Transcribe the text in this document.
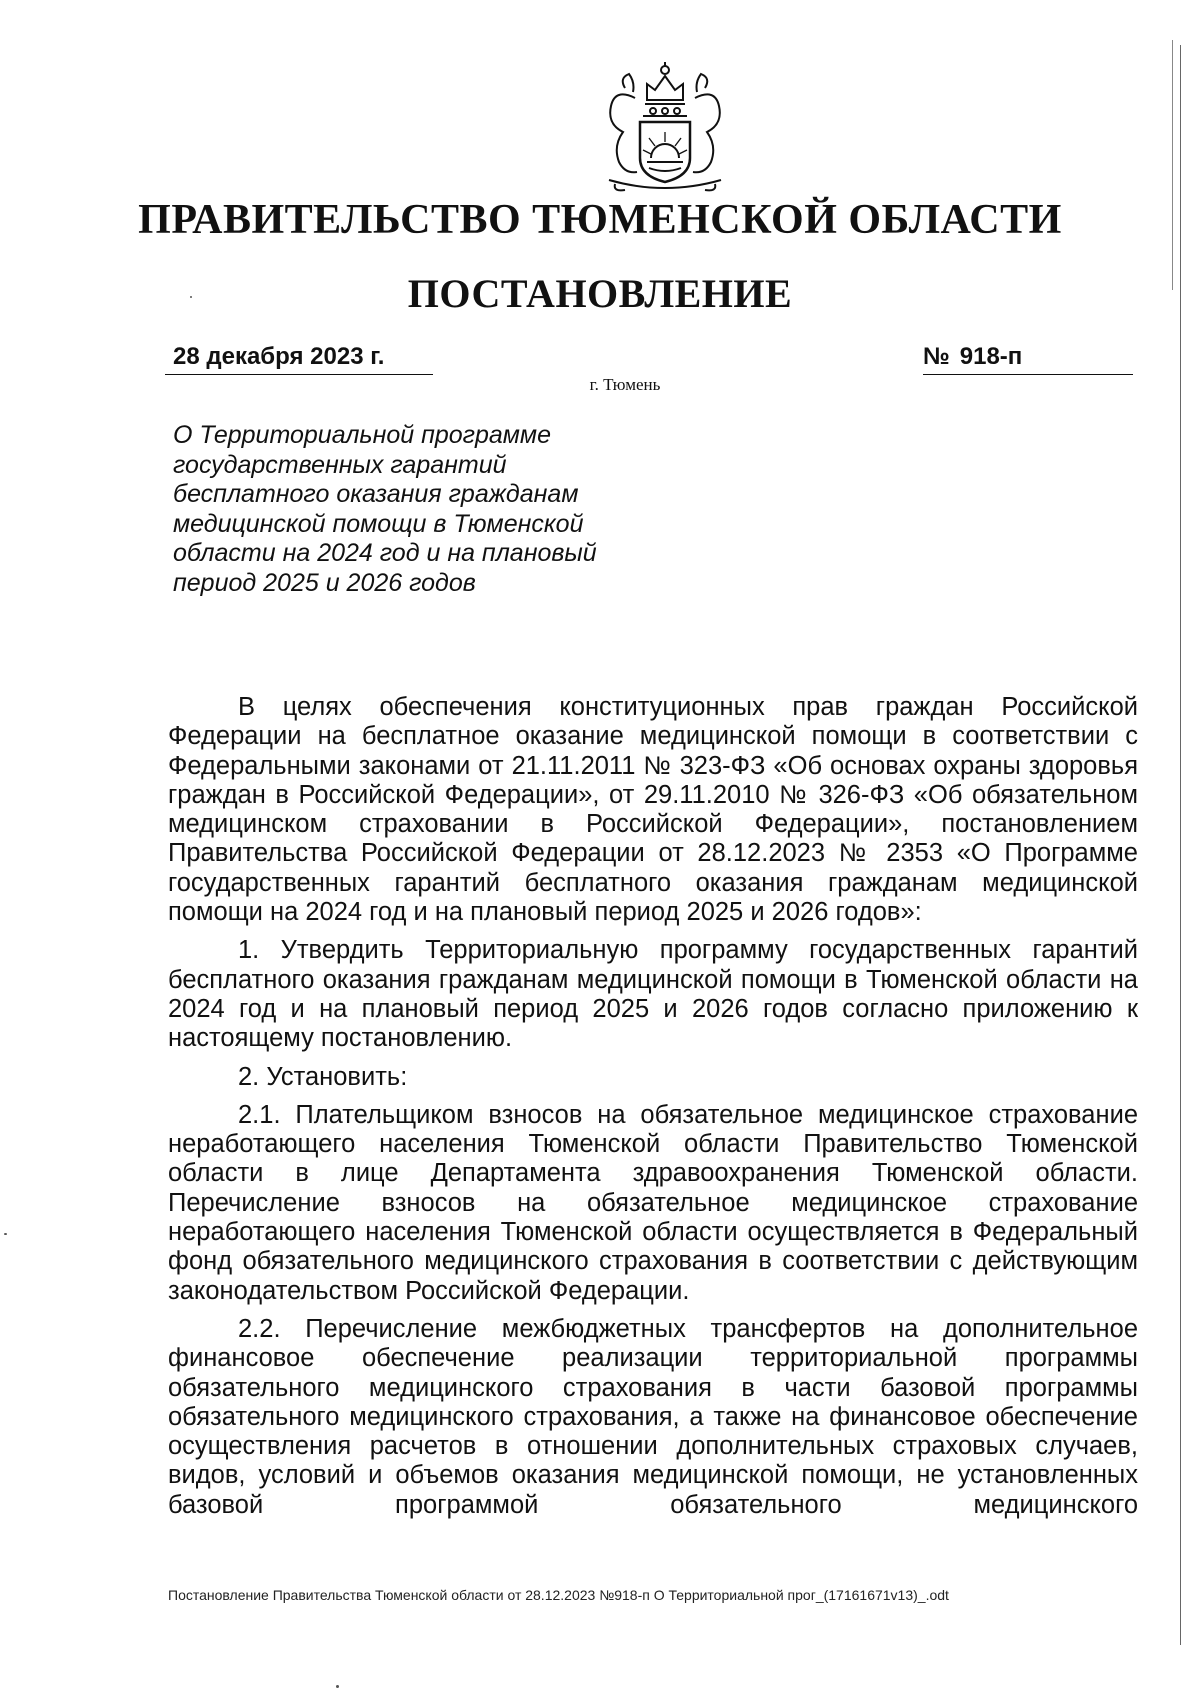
ПРАВИТЕЛЬСТВО ТЮМЕНСКОЙ ОБЛАСТИ
ПОСТАНОВЛЕНИЕ
28 декабря 2023 г.	№ 918-п
г. Тюмень
О Территориальной программе
государственных гарантий
бесплатного оказания гражданам
медицинской помощи в Тюменской
области на 2024 год и на плановый
период 2025 и 2026 годов

В целях обеспечения конституционных прав граждан Российской Федерации на бесплатное оказание медицинской помощи в соответствии с Федеральными законами от 21.11.2011 № 323-ФЗ «Об основах охраны здоровья граждан в Российской Федерации», от 29.11.2010 № 326-ФЗ «Об обязательном медицинском страховании в Российской Федерации», постановлением Правительства Российской Федерации от 28.12.2023 № 2353 «О Программе государственных гарантий бесплатного оказания гражданам медицинской помощи на 2024 год и на плановый период 2025 и 2026 годов»:

1. Утвердить Территориальную программу государственных гарантий бесплатного оказания гражданам медицинской помощи в Тюменской области на 2024 год и на плановый период 2025 и 2026 годов согласно приложению к настоящему постановлению.

2. Установить:

2.1. Плательщиком взносов на обязательное медицинское страхование неработающего населения Тюменской области Правительство Тюменской области в лице Департамента здравоохранения Тюменской области. Перечисление взносов на обязательное медицинское страхование неработающего населения Тюменской области осуществляется в Федеральный фонд обязательного медицинского страхования в соответствии с действующим законодательством Российской Федерации.

2.2. Перечисление межбюджетных трансфертов на дополнительное финансовое обеспечение реализации территориальной программы обязательного медицинского страхования в части базовой программы обязательного медицинского страхования, а также на финансовое обеспечение осуществления расчетов в отношении дополнительных страховых случаев, видов, условий и объемов оказания медицинской помощи, не установленных базовой программой обязательного медицинского

Постановление Правительства Тюменской области от 28.12.2023 №918-п О Территориальной прог_(17161671v13)_.odt
